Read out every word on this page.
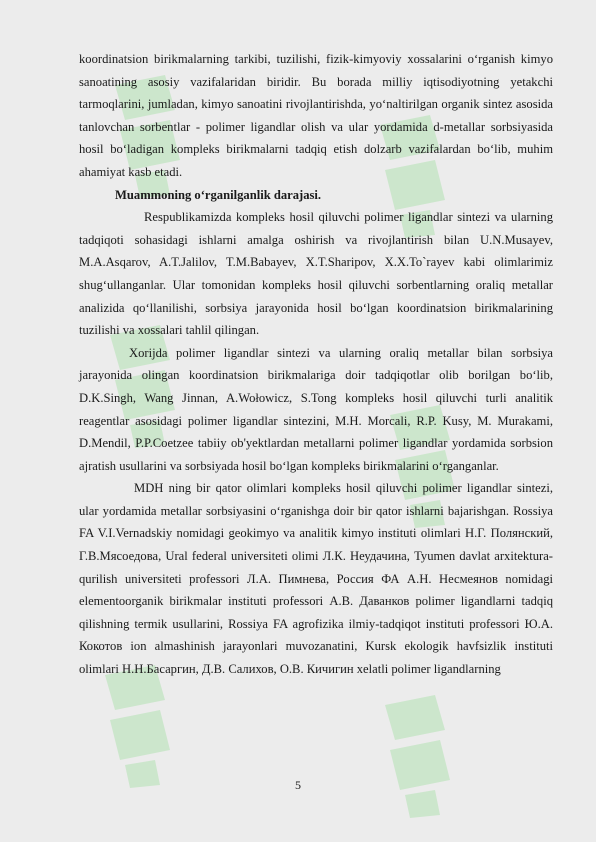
koordinatsion birikmalarning tarkibi, tuzilishi, fizik-kimyoviy xossalarini oʻrganish kimyo sanoatining asosiy vazifalaridan biridir. Bu borada milliy iqtisodiyotning yetakchi tarmoqlarini, jumladan, kimyo sanoatini rivojlantirishda, yoʻnaltirilgan organik sintez asosida tanlovchan sorbentlar - polimer ligandlar olish va ular yordamida d-metallar sorbsiyasida hosil boʻladigan kompleks birikmalarni tadqiq etish dolzarb vazifalardan boʻlib, muhim ahamiyat kasb etadi.

Muammoning oʻrganilganlik darajasi.

Respublikamizda kompleks hosil qiluvchi polimer ligandlar sintezi va ularning tadqiqoti sohasidagi ishlarni amalga oshirish va rivojlantirish bilan U.N.Musayev, M.A.Asqarov, A.T.Jalilov, T.M.Babayev, X.T.Sharipov, X.X.To`rayev kabi olimlarimiz shugʻullanganlar. Ular tomonidan kompleks hosil qiluvchi sorbentlarning oraliq metallar analizida qoʻllanilishi, sorbsiya jarayonida hosil boʻlgan koordinatsion birikmalarining tuzilishi va xossalari tahlil qilingan.

Xorijda polimer ligandlar sintezi va ularning oraliq metallar bilan sorbsiya jarayonida olingan koordinatsion birikmalariga doir tadqiqotlar olib borilgan boʻlib, D.K.Singh, Wang Jinnan, A.Wołowicz, S.Tong kompleks hosil qiluvchi turli analitik reagentlar asosidagi polimer ligandlar sintezini, M.H. Morcali, R.P. Kusy, M. Murakami, D.Mendil, P.P.Coetzee tabiiy ob'yektlardan metallarni polimer ligandlar yordamida sorbsion ajratish usullarini va sorbsiyada hosil boʻlgan kompleks birikmalarini oʻrganganlar.

MDH ning bir qator olimlari kompleks hosil qiluvchi polimer ligandlar sintezi, ular yordamida metallar sorbsiyasini oʻrganishga doir bir qator ishlarni bajarishgan. Rossiya FA V.I.Vernadskiy nomidagi geokimyo va analitik kimyo instituti olimlari Н.Г. Полянский, Г.В.Мясоедова, Ural federal universiteti olimi Л.К. Неудачина, Tyumen davlat arxitektura-qurilish universiteti professori Л.А. Пимнева, Россия ФА А.Н. Несмеянов nomidagi elementoorganik birikmalar instituti professori А.В. Даванков polimer ligandlarni tadqiq qilishning termik usullarini, Rossiya FA agrofizika ilmiy-tadqiqot instituti professori Ю.А. Кокотов ion almashinish jarayonlari muvozanatini, Kursk ekologik havfsizlik instituti olimlari Н.Н.Басаргин, Д.В. Салихов, О.В. Кичигин xelatli polimer ligandlarning

5
